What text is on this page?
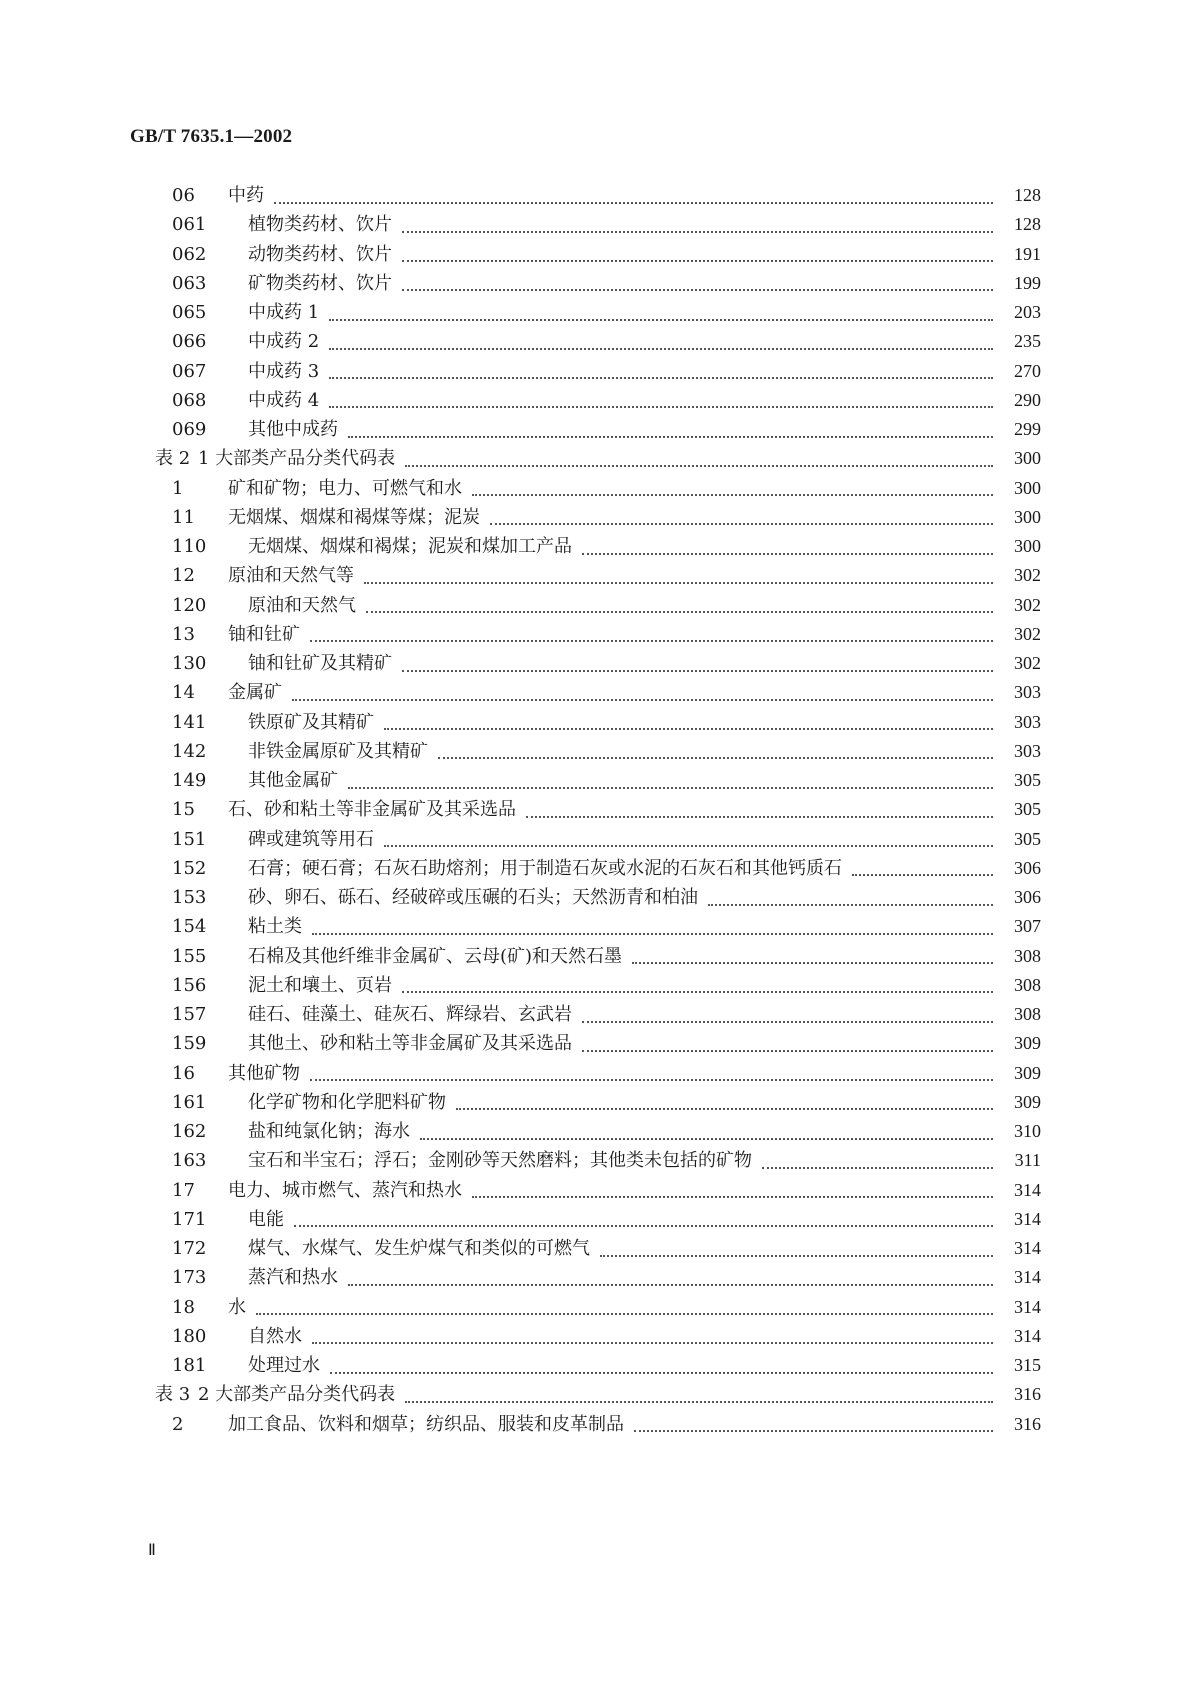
GB/T 7635.1—2002
06	中药	128
061	植物类药材、饮片	128
062	动物类药材、饮片	191
063	矿物类药材、饮片	199
065	中成药 1	203
066	中成药 2	235
067	中成药 3	270
068	中成药 4	290
069	其他中成药	299
表 2 1 大部类产品分类代码表	300
1	矿和矿物；电力、可燃气和水	300
11	无烟煤、烟煤和褐煤等煤；泥炭	300
110	无烟煤、烟煤和褐煤；泥炭和煤加工产品	300
12	原油和天然气等	302
120	原油和天然气	302
13	铀和钍矿	302
130	铀和钍矿及其精矿	302
14	金属矿	303
141	铁原矿及其精矿	303
142	非铁金属原矿及其精矿	303
149	其他金属矿	305
15	石、砂和粘土等非金属矿及其采选品	305
151	碑或建筑等用石	305
152	石膏；硬石膏；石灰石助熔剂；用于制造石灰或水泥的石灰石和其他钙质石	306
153	砂、卵石、砾石、经破碎或压碾的石头；天然沥青和柏油	306
154	粘土类	307
155	石棉及其他纤维非金属矿、云母(矿)和天然石墨	308
156	泥土和壤土、页岩	308
157	硅石、硅藻土、硅灰石、辉绿岩、玄武岩	308
159	其他土、砂和粘土等非金属矿及其采选品	309
16	其他矿物	309
161	化学矿物和化学肥料矿物	309
162	盐和纯氯化钠；海水	310
163	宝石和半宝石；浮石；金刚砂等天然磨料；其他类未包括的矿物	311
17	电力、城市燃气、蒸汽和热水	314
171	电能	314
172	煤气、水煤气、发生炉煤气和类似的可燃气	314
173	蒸汽和热水	314
18	水	314
180	自然水	314
181	处理过水	315
表 3 2 大部类产品分类代码表	316
2	加工食品、饮料和烟草；纺织品、服装和皮革制品	316
Ⅱ
